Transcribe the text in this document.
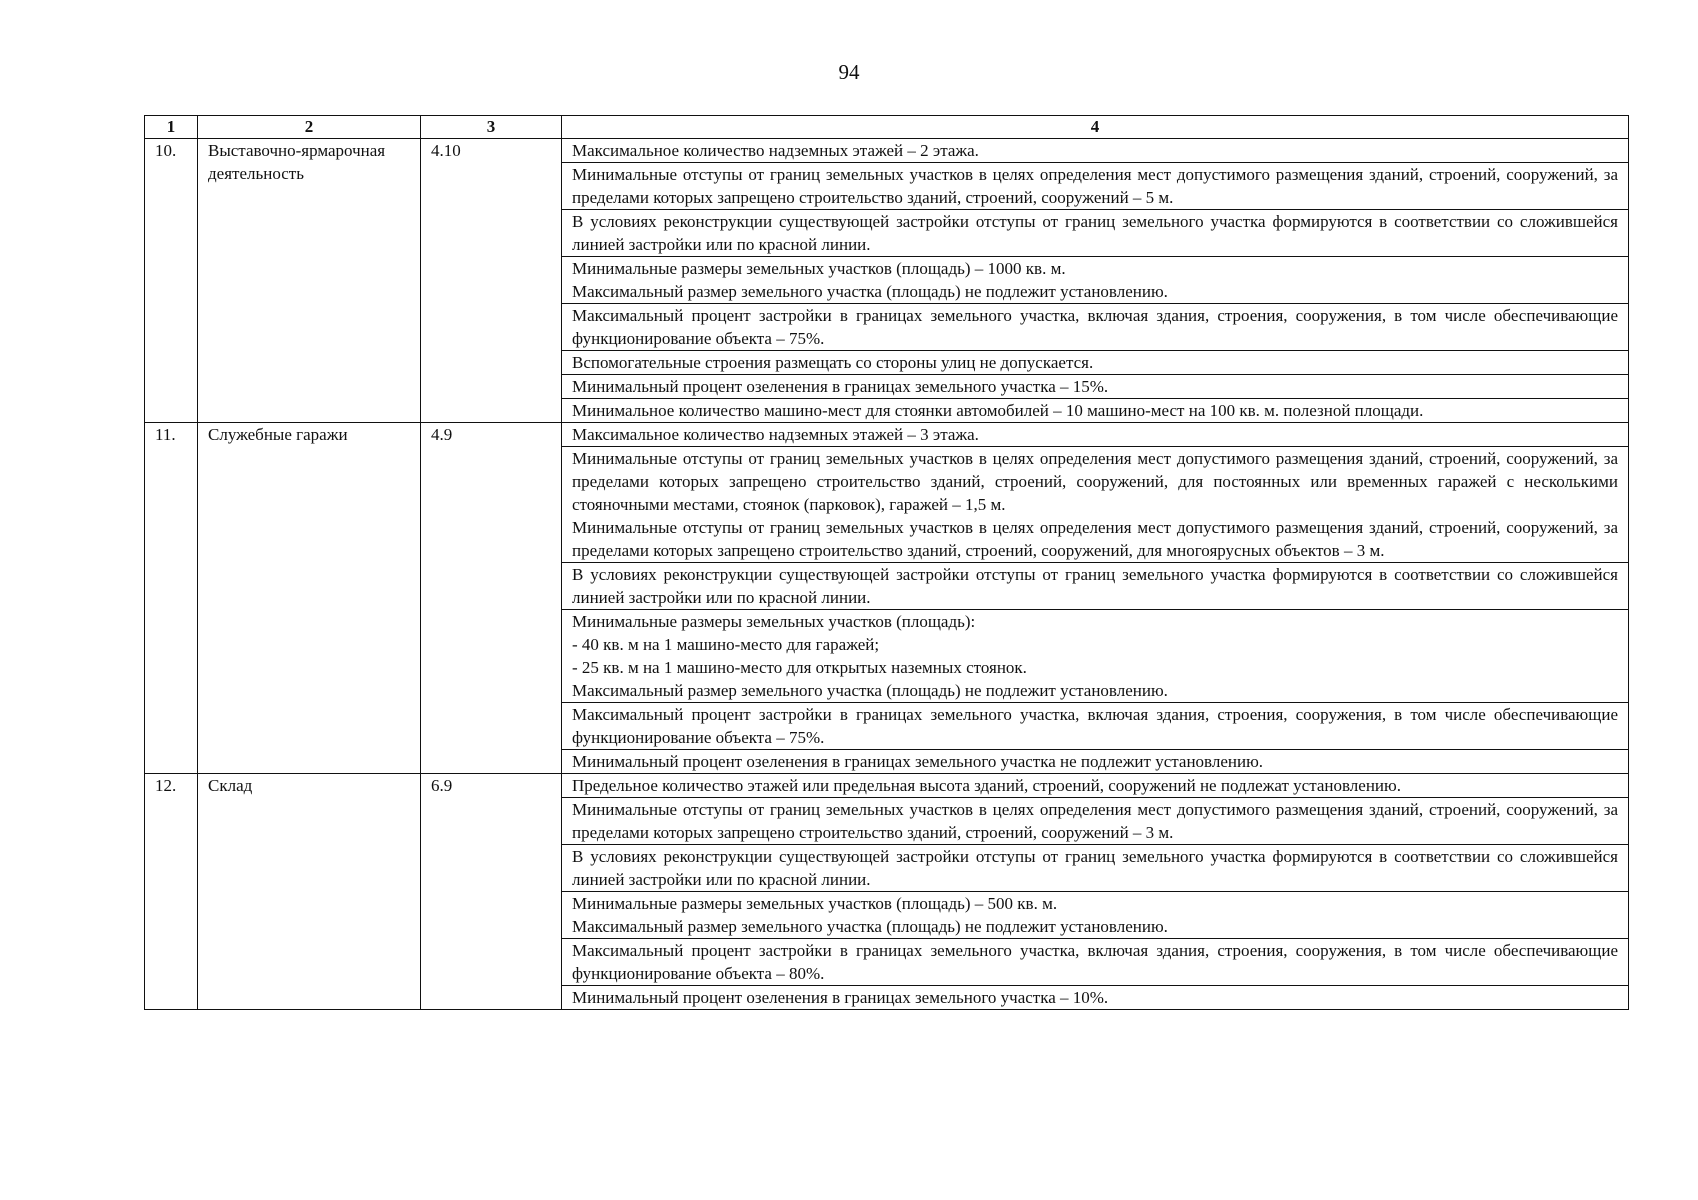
94
1	2	3	4
10.	Выставочно-ярмарочная деятельность	4.10	Максимальное количество надземных этажей – 2 этажа.

			Минимальные отступы от границ земельных участков в целях определения мест допустимого размещения зданий, строений, сооружений, за пределами которых запрещено строительство зданий, строений, сооружений – 5 м.

			В условиях реконструкции существующей застройки отступы от границ земельного участка формируются в соответствии со сложившейся линией застройки или по красной линии.

			Минимальные размеры земельных участков (площадь) – 1000 кв. м.
Максимальный размер земельного участка (площадь) не подлежит установлению.

			Максимальный процент застройки в границах земельного участка, включая здания, строения, сооружения, в том числе обеспечивающие функционирование объекта – 75%.

			Вспомогательные строения размещать со стороны улиц не допускается.

			Минимальный процент озеленения в границах земельного участка – 15%.

			Минимальное количество машино-мест для стоянки автомобилей – 10 машино-мест на 100 кв. м. полезной площади.

11.	Служебные гаражи	4.9	Максимальное количество надземных этажей – 3 этажа.

			Минимальные отступы от границ земельных участков в целях определения мест допустимого размещения зданий, строений, сооружений, за пределами которых запрещено строительство зданий, строений, сооружений, для постоянных или временных гаражей с несколькими стояночными местами, стоянок (парковок), гаражей – 1,5 м.
Минимальные отступы от границ земельных участков в целях определения мест допустимого размещения зданий, строений, сооружений, за пределами которых запрещено строительство зданий, строений, сооружений, для многоярусных объектов – 3 м.

			В условиях реконструкции существующей застройки отступы от границ земельного участка формируются в соответствии со сложившейся линией застройки или по красной линии.

			Минимальные размеры земельных участков (площадь):
- 40 кв. м на 1 машино-место для гаражей;
- 25 кв. м на 1 машино-место для открытых наземных стоянок.
Максимальный размер земельного участка (площадь) не подлежит установлению.

			Максимальный процент застройки в границах земельного участка, включая здания, строения, сооружения, в том числе обеспечивающие функционирование объекта – 75%.

			Минимальный процент озеленения в границах земельного участка не подлежит установлению.

12.	Склад	6.9	Предельное количество этажей или предельная высота зданий, строений, сооружений не подлежат установлению.

			Минимальные отступы от границ земельных участков в целях определения мест допустимого размещения зданий, строений, сооружений, за пределами которых запрещено строительство зданий, строений, сооружений – 3 м.

			В условиях реконструкции существующей застройки отступы от границ земельного участка формируются в соответствии со сложившейся линией застройки или по красной линии.

			Минимальные размеры земельных участков (площадь) – 500 кв. м.
Максимальный размер земельного участка (площадь) не подлежит установлению.

			Максимальный процент застройки в границах земельного участка, включая здания, строения, сооружения, в том числе обеспечивающие функционирование объекта – 80%.

			Минимальный процент озеленения в границах земельного участка – 10%.
